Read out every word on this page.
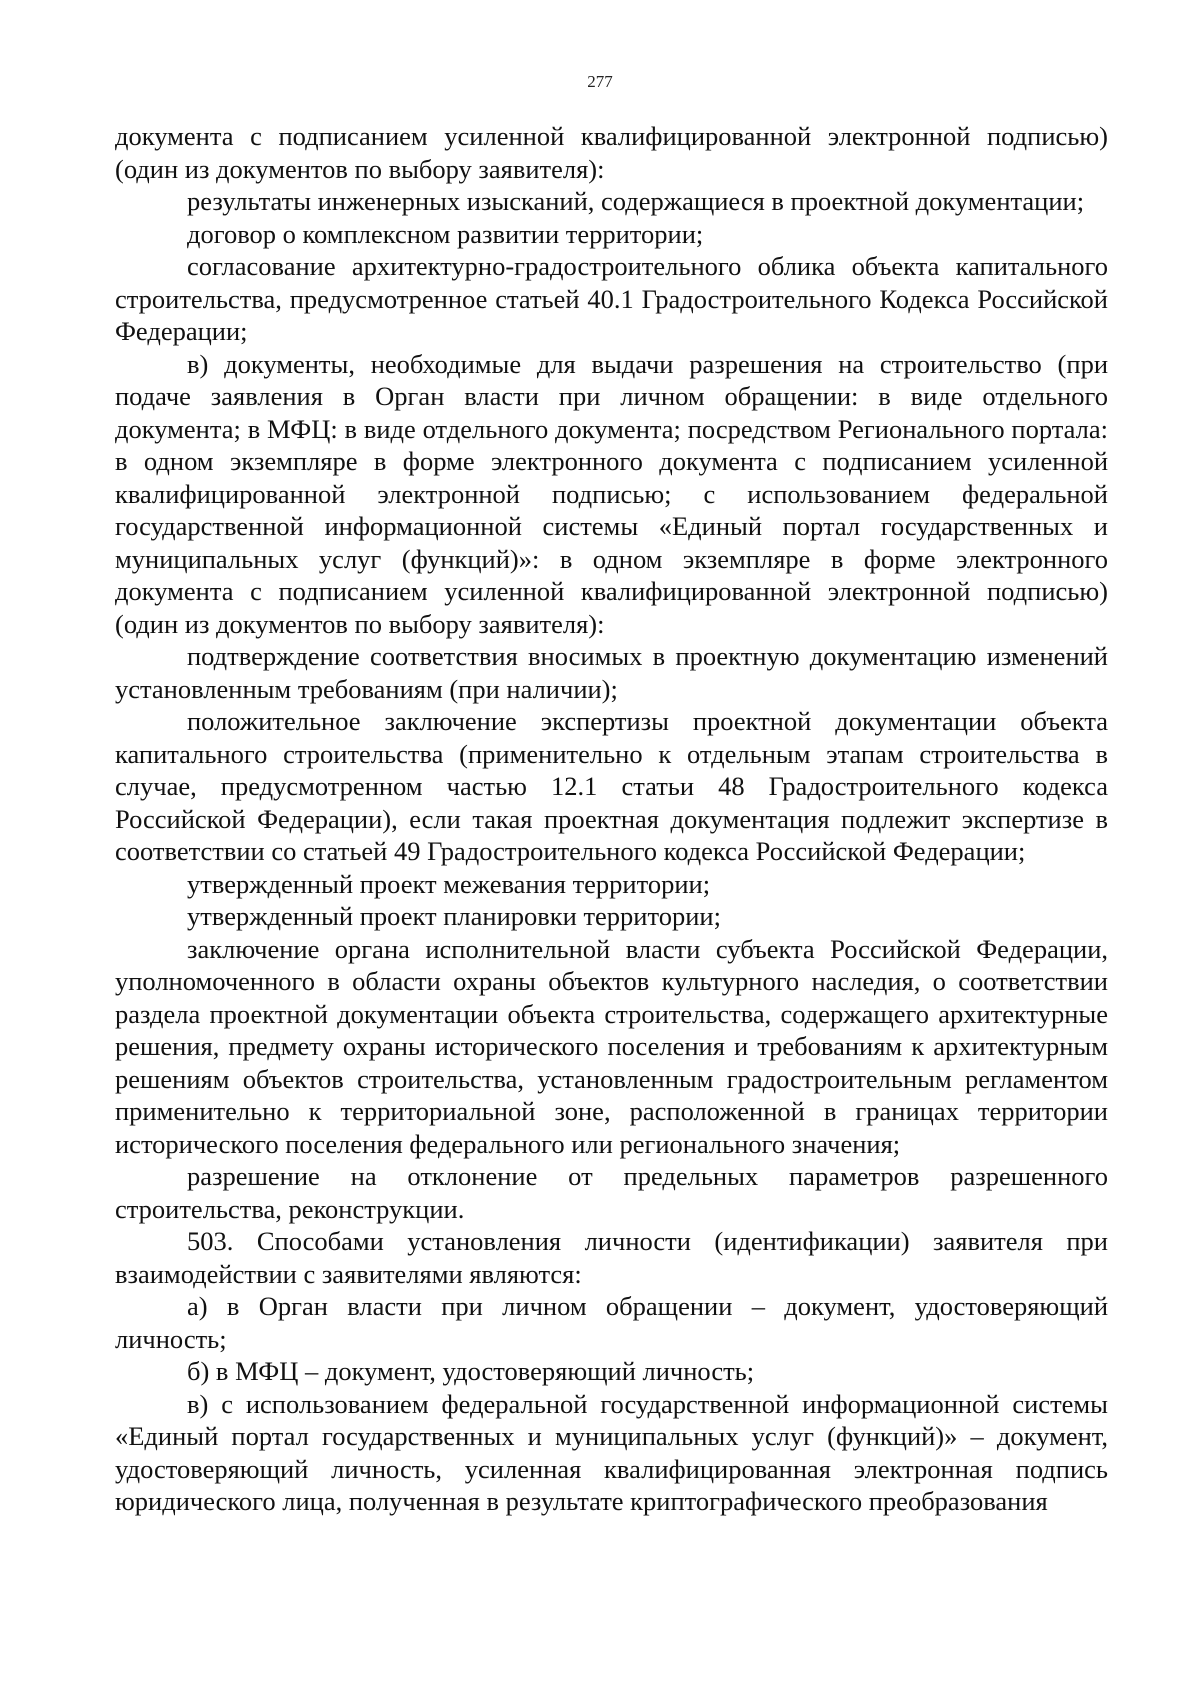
277

документа с подписанием усиленной квалифицированной электронной подписью) (один из документов по выбору заявителя):

результаты инженерных изысканий, содержащиеся в проектной документации;

договор о комплексном развитии территории;

согласование архитектурно-градостроительного облика объекта капитального строительства, предусмотренное статьей 40.1 Градостроительного Кодекса Российской Федерации;

в) документы, необходимые для выдачи разрешения на строительство (при подаче заявления в Орган власти при личном обращении: в виде отдельного документа; в МФЦ: в виде отдельного документа; посредством Регионального портала: в одном экземпляре в форме электронного документа с подписанием усиленной квалифицированной электронной подписью; с использованием федеральной государственной информационной системы «Единый портал государственных и муниципальных услуг (функций)»: в одном экземпляре в форме электронного документа с подписанием усиленной квалифицированной электронной подписью) (один из документов по выбору заявителя):

подтверждение соответствия вносимых в проектную документацию изменений установленным требованиям (при наличии);

положительное заключение экспертизы проектной документации объекта капитального строительства (применительно к отдельным этапам строительства в случае, предусмотренном частью 12.1 статьи 48 Градостроительного кодекса Российской Федерации), если такая проектная документация подлежит экспертизе в соответствии со статьей 49 Градостроительного кодекса Российской Федерации;

утвержденный проект межевания территории;

утвержденный проект планировки территории;

заключение органа исполнительной власти субъекта Российской Федерации, уполномоченного в области охраны объектов культурного наследия, о соответствии раздела проектной документации объекта строительства, содержащего архитектурные решения, предмету охраны исторического поселения и требованиям к архитектурным решениям объектов строительства, установленным градостроительным регламентом применительно к территориальной зоне, расположенной в границах территории исторического поселения федерального или регионального значения;

разрешение на отклонение от предельных параметров разрешенного строительства, реконструкции.

503. Способами установления личности (идентификации) заявителя при взаимодействии с заявителями являются:

а) в Орган власти при личном обращении – документ, удостоверяющий личность;

б) в МФЦ – документ, удостоверяющий личность;

в) с использованием федеральной государственной информационной системы «Единый портал государственных и муниципальных услуг (функций)» – документ, удостоверяющий личность, усиленная квалифицированная электронная подпись юридического лица, полученная в результате криптографического преобразования
